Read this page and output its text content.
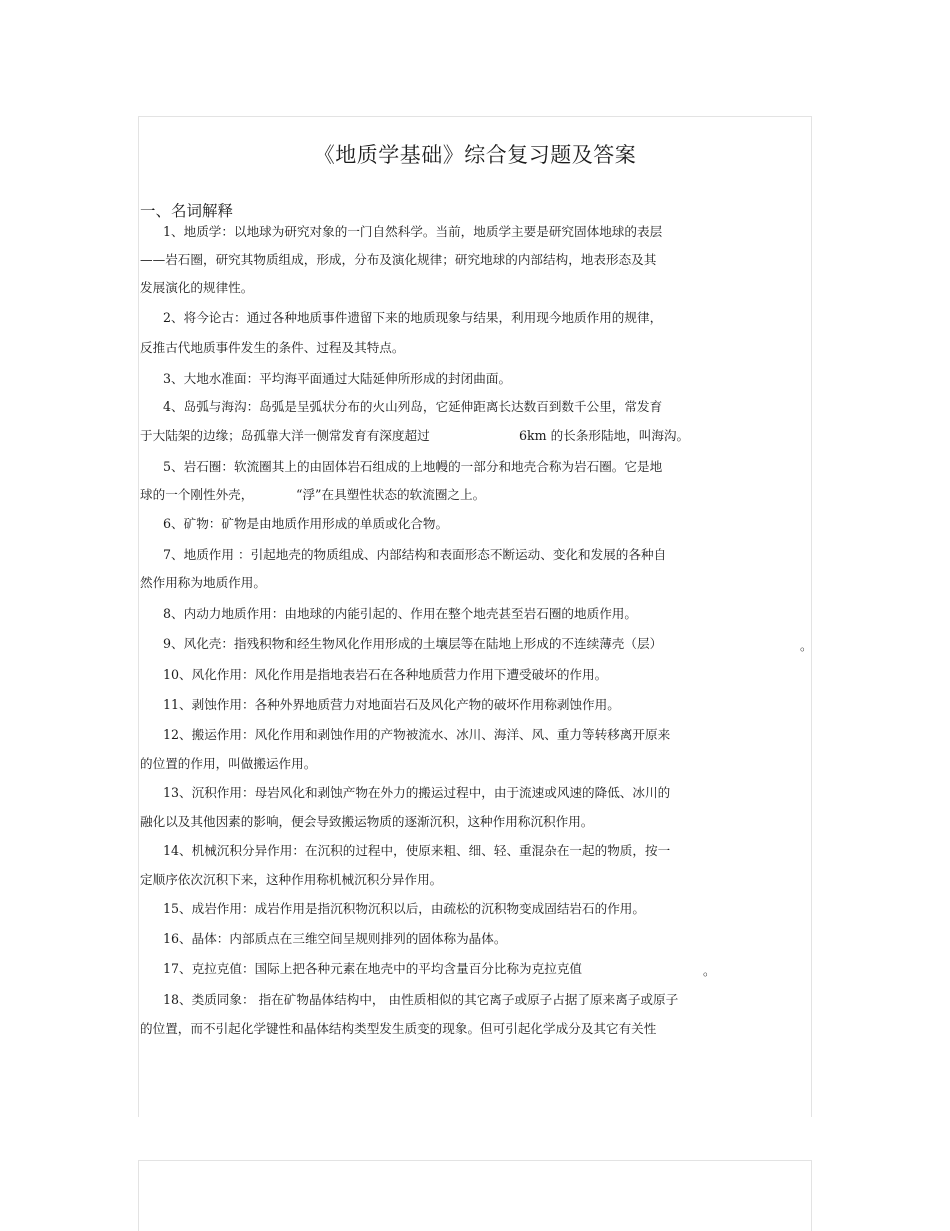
《地质学基础》综合复习题及答案
一、名词解释
1、地质学：以地球为研究对象的一门自然科学。当前，地质学主要是研究固体地球的表层
——岩石圈，研究其物质组成，形成，分布及演化规律；研究地球的内部结构，地表形态及其
发展演化的规律性。
2、将今论古：通过各种地质事件遗留下来的地质现象与结果，利用现今地质作用的规律，
反推古代地质事件发生的条件、过程及其特点。
3、大地水准面：平均海平面通过大陆延伸所形成的封闭曲面。
4、岛弧与海沟：岛弧是呈弧状分布的火山列岛，它延伸距离长达数百到数千公里，常发育
于大陆架的边缘；岛孤靠大洋一侧常发育有深度超过	6km 的长条形陆地，叫海沟。
5、岩石圈：软流圈其上的由固体岩石组成的上地幔的一部分和地壳合称为岩石圈。它是地
球的一个刚性外壳，	“浮”在具塑性状态的软流圈之上。
6、矿物：矿物是由地质作用形成的单质或化合物。
7、地质作用 ：引起地壳的物质组成、内部结构和表面形态不断运动、变化和发展的各种自
然作用称为地质作用。
8、内动力地质作用：由地球的内能引起的、作用在整个地壳甚至岩石圈的地质作用。
9、风化壳：指残积物和经生物风化作用形成的土壤层等在陆地上形成的不连续薄壳（层）	。
10、风化作用：风化作用是指地表岩石在各种地质营力作用下遭受破坏的作用。
11、剥蚀作用：各种外界地质营力对地面岩石及风化产物的破坏作用称剥蚀作用。
12、搬运作用：风化作用和剥蚀作用的产物被流水、冰川、海洋、风、重力等转移离开原来
的位置的作用，叫做搬运作用。
13、沉积作用：母岩风化和剥蚀产物在外力的搬运过程中，由于流速或风速的降低、冰川的
融化以及其他因素的影响，便会导致搬运物质的逐渐沉积，这种作用称沉积作用。
14、机械沉积分异作用：在沉积的过程中，使原来粗、细、轻、重混杂在一起的物质，按一
定顺序依次沉积下来，这种作用称机械沉积分异作用。
15、成岩作用：成岩作用是指沉积物沉积以后，由疏松的沉积物变成固结岩石的作用。
16、晶体：内部质点在三维空间呈规则排列的固体称为晶体。
17、克拉克值：国际上把各种元素在地壳中的平均含量百分比称为克拉克值	。
18、类质同象： 指在矿物晶体结构中， 由性质相似的其它离子或原子占据了原来离子或原子
的位置，而不引起化学键性和晶体结构类型发生质变的现象。但可引起化学成分及其它有关性
